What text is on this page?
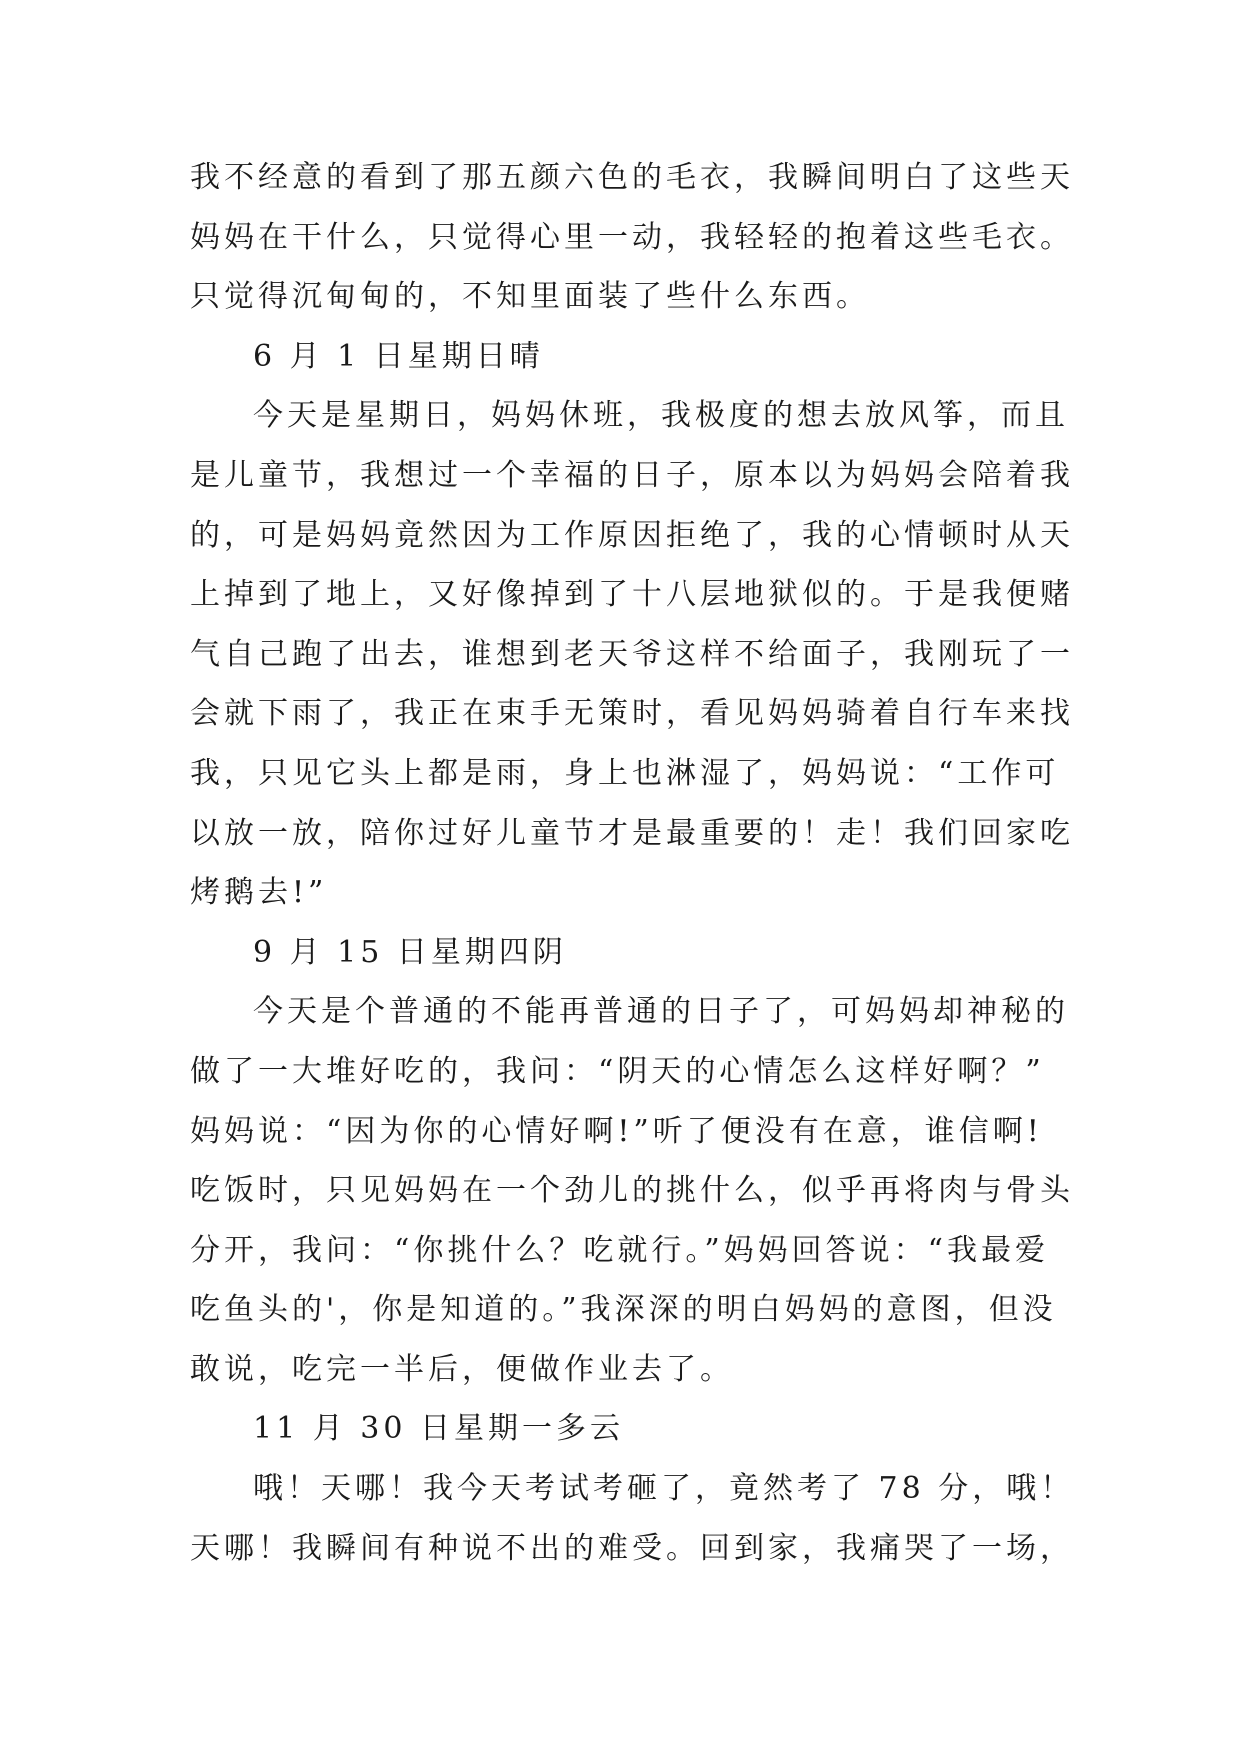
我不经意的看到了那五颜六色的毛衣，我瞬间明白了这些天
妈妈在干什么，只觉得心里一动，我轻轻的抱着这些毛衣。
只觉得沉甸甸的，不知里面装了些什么东西。
6 月 1 日星期日晴
今天是星期日，妈妈休班，我极度的想去放风筝，而且
是儿童节，我想过一个幸福的日子，原本以为妈妈会陪着我
的，可是妈妈竟然因为工作原因拒绝了，我的心情顿时从天
上掉到了地上，又好像掉到了十八层地狱似的。于是我便赌
气自己跑了出去，谁想到老天爷这样不给面子，我刚玩了一
会就下雨了，我正在束手无策时，看见妈妈骑着自行车来找
我，只见它头上都是雨，身上也淋湿了，妈妈说：“工作可
以放一放，陪你过好儿童节才是最重要的！走！我们回家吃
烤鹅去!”
9 月 15 日星期四阴
今天是个普通的不能再普通的日子了，可妈妈却神秘的
做了一大堆好吃的，我问：“阴天的心情怎么这样好啊？”
妈妈说：“因为你的心情好啊!”听了便没有在意，谁信啊!
吃饭时，只见妈妈在一个劲儿的挑什么，似乎再将肉与骨头
分开，我问：“你挑什么？吃就行。”妈妈回答说：“我最爱
吃鱼头的'，你是知道的。”我深深的明白妈妈的意图，但没
敢说，吃完一半后，便做作业去了。
11 月 30 日星期一多云
哦！天哪！我今天考试考砸了，竟然考了 78 分，哦！
天哪！我瞬间有种说不出的难受。回到家，我痛哭了一场，
